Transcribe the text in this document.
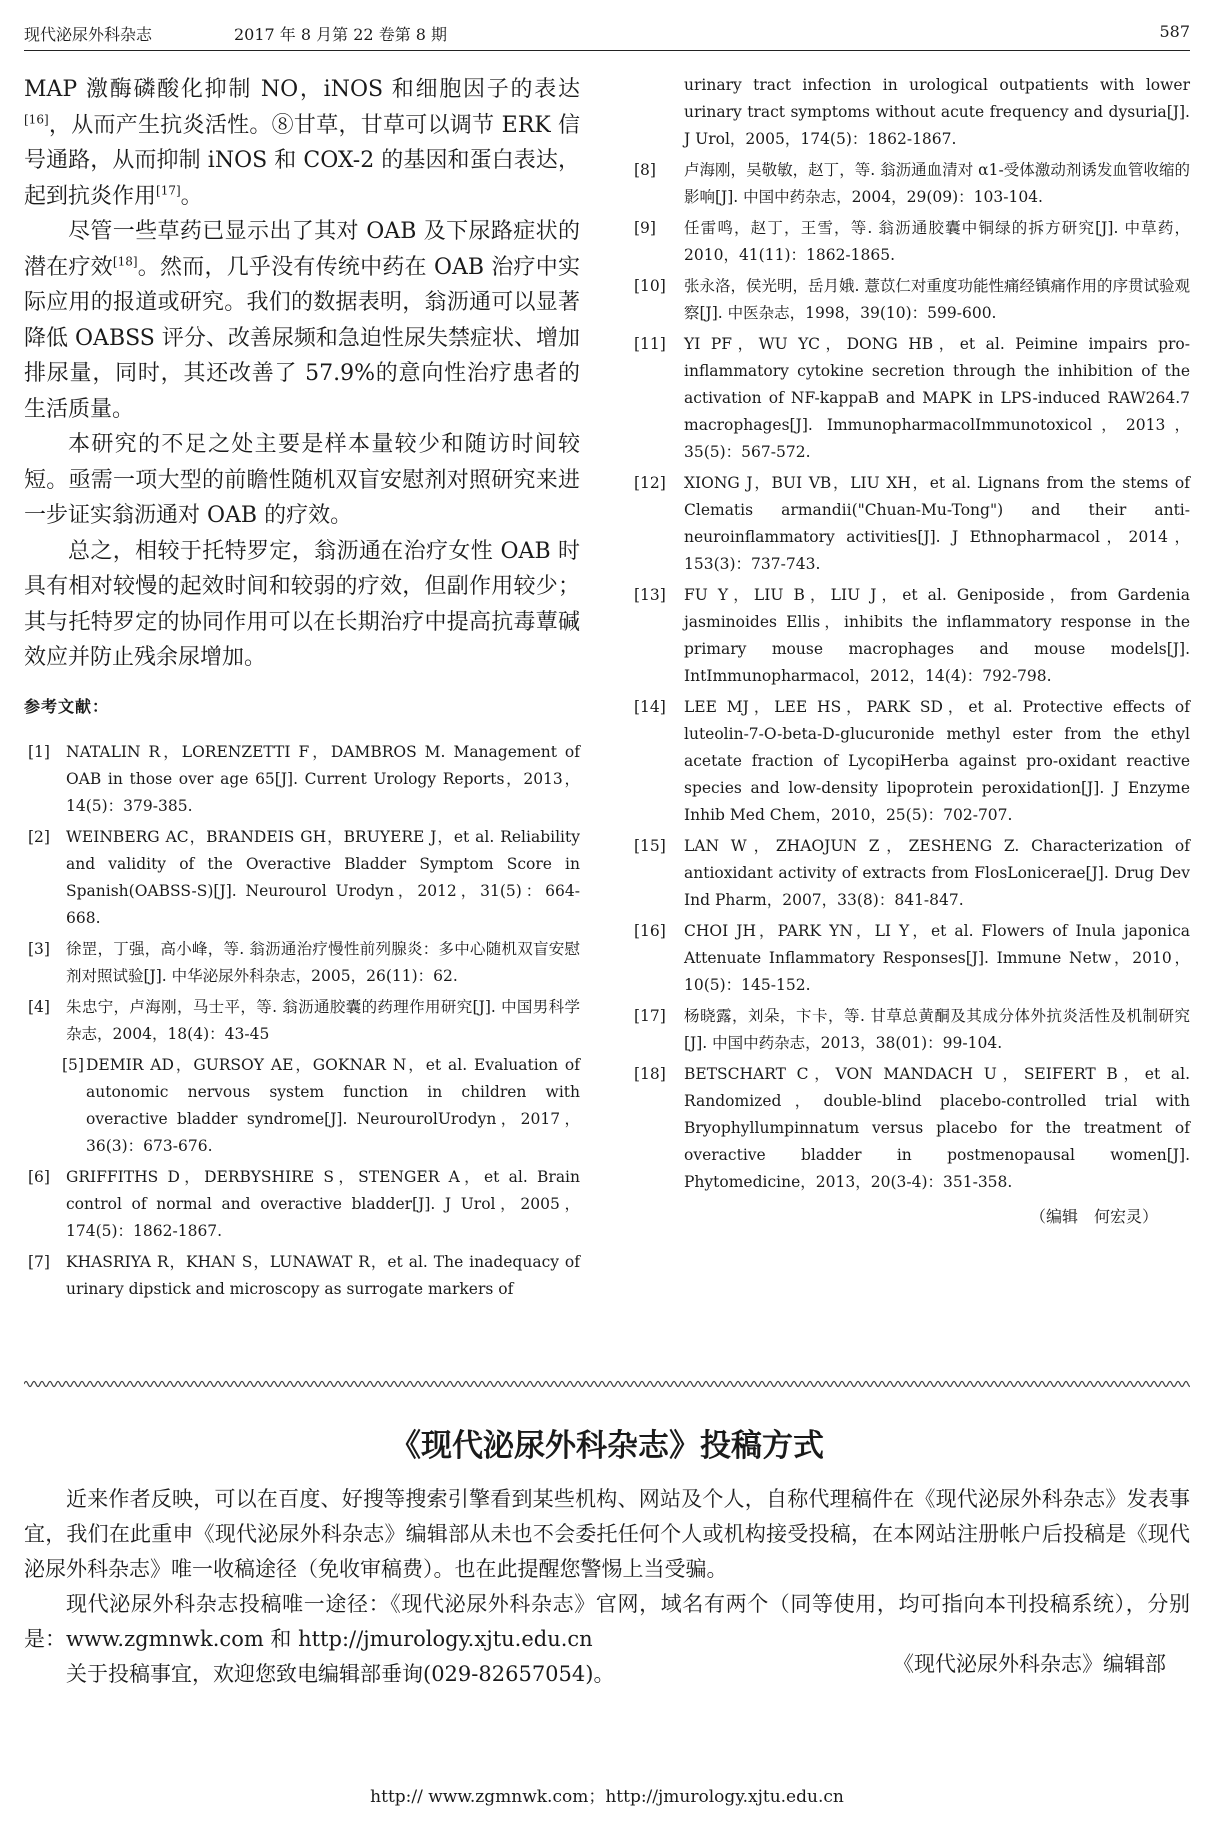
现代泌尿外科杂志	2017 年 8 月第 22 卷第 8 期	587

MAP 激酶磷酸化抑制 NO，iNOS 和细胞因子的表达[16]，从而产生抗炎活性。⑧甘草，甘草可以调节 ERK 信号通路，从而抑制 iNOS 和 COX-2 的基因和蛋白表达，起到抗炎作用[17]。

尽管一些草药已显示出了其对 OAB 及下尿路症状的潜在疗效[18]。然而，几乎没有传统中药在 OAB 治疗中实际应用的报道或研究。我们的数据表明，翁沥通可以显著降低 OABSS 评分、改善尿频和急迫性尿失禁症状、增加排尿量，同时，其还改善了 57.9%的意向性治疗患者的生活质量。

本研究的不足之处主要是样本量较少和随访时间较短。亟需一项大型的前瞻性随机双盲安慰剂对照研究来进一步证实翁沥通对 OAB 的疗效。

总之，相较于托特罗定，翁沥通在治疗女性 OAB 时具有相对较慢的起效时间和较弱的疗效，但副作用较少；其与托特罗定的协同作用可以在长期治疗中提高抗毒蕈碱效应并防止残余尿增加。

参考文献：
[1] NATALIN R，LORENZETTI F，DAMBROS M. Management of OAB in those over age 65[J]. Current Urology Reports，2013，14(5)：379-385.
[2] WEINBERG AC，BRANDEIS GH，BRUYERE J，et al. Reliability and validity of the Overactive Bladder Symptom Score in Spanish(OABSS-S)[J]. Neurourol Urodyn，2012，31(5)：664-668.
[3] 徐罡，丁强，高小峰，等. 翁沥通治疗慢性前列腺炎：多中心随机双盲安慰剂对照试验[J]. 中华泌尿外科杂志，2005，26(11)：62.
[4] 朱忠宁，卢海刚，马士平，等. 翁沥通胶囊的药理作用研究[J]. 中国男科学杂志，2004，18(4)：43-45
[5] DEMIR AD，GURSOY AE，GOKNAR N，et al. Evaluation of autonomic nervous system function in children with overactive bladder syndrome[J]. NeurourolUrodyn，2017，36(3)：673-676.
[6] GRIFFITHS D，DERBYSHIRE S，STENGER A，et al. Brain control of normal and overactive bladder[J]. J Urol，2005，174(5)：1862-1867.
[7] KHASRIYA R，KHAN S，LUNAWAT R，et al. The inadequacy of urinary dipstick and microscopy as surrogate markers of
urinary tract infection in urological outpatients with lower urinary tract symptoms without acute frequency and dysuria[J]. J Urol，2005，174(5)：1862-1867.
[8] 卢海刚，吴敬敏，赵丁，等. 翁沥通血清对 α1-受体激动剂诱发血管收缩的影响[J]. 中国中药杂志，2004，29(09)：103-104.
[9] 任雷鸣，赵丁，王雪，等. 翁沥通胶囊中铜绿的拆方研究[J]. 中草药，2010，41(11)：1862-1865.
[10] 张永洛，侯光明，岳月娥. 薏苡仁对重度功能性痛经镇痛作用的序贯试验观察[J]. 中医杂志，1998，39(10)：599-600.
[11] YI PF，WU YC，DONG HB，et al. Peimine impairs pro-inflammatory cytokine secretion through the inhibition of the activation of NF-kappaB and MAPK in LPS-induced RAW264.7 macrophages[J]. ImmunopharmacolImmunotoxicol，2013，35(5)：567-572.
[12] XIONG J，BUI VB，LIU XH，et al. Lignans from the stems of Clematis armandii("Chuan-Mu-Tong") and their anti-neuroinflammatory activities[J]. J Ethnopharmacol，2014，153(3)：737-743.
[13] FU Y，LIU B，LIU J，et al. Geniposide，from Gardenia jasminoides Ellis，inhibits the inflammatory response in the primary mouse macrophages and mouse models[J]. IntImmunopharmacol，2012，14(4)：792-798.
[14] LEE MJ，LEE HS，PARK SD，et al. Protective effects of luteolin-7-O-beta-D-glucuronide methyl ester from the ethyl acetate fraction of LycopiHerba against pro-oxidant reactive species and low-density lipoprotein peroxidation[J]. J Enzyme Inhib Med Chem，2010，25(5)：702-707.
[15] LAN W，ZHAOJUN Z，ZESHENG Z. Characterization of antioxidant activity of extracts from FlosLonicerae[J]. Drug Dev Ind Pharm，2007，33(8)：841-847.
[16] CHOI JH，PARK YN，LI Y，et al. Flowers of Inula japonica Attenuate Inflammatory Responses[J]. Immune Netw，2010，10(5)：145-152.
[17] 杨晓露，刘朵，卞卡，等. 甘草总黄酮及其成分体外抗炎活性及机制研究[J]. 中国中药杂志，2013，38(01)：99-104.
[18] BETSCHART C，VON MANDACH U，SEIFERT B，et al. Randomized，double-blind placebo-controlled trial with Bryophyllumpinnatum versus placebo for the treatment of overactive bladder in postmenopausal women[J]. Phytomedicine，2013，20(3-4)：351-358.
（编辑　何宏灵）
《现代泌尿外科杂志》投稿方式

近来作者反映，可以在百度、好搜等搜索引擎看到某些机构、网站及个人，自称代理稿件在《现代泌尿外科杂志》发表事宜，我们在此重申《现代泌尿外科杂志》编辑部从未也不会委托任何个人或机构接受投稿，在本网站注册帐户后投稿是《现代泌尿外科杂志》唯一收稿途径（免收审稿费）。也在此提醒您警惕上当受骗。

现代泌尿外科杂志投稿唯一途径：《现代泌尿外科杂志》官网，域名有两个（同等使用，均可指向本刊投稿系统），分别是：www.zgmnwk.com 和 http://jmurology.xjtu.edu.cn

关于投稿事宜，欢迎您致电编辑部垂询(029-82657054)。	《现代泌尿外科杂志》编辑部
http:// www.zgmnwk.com；http://jmurology.xjtu.edu.cn
